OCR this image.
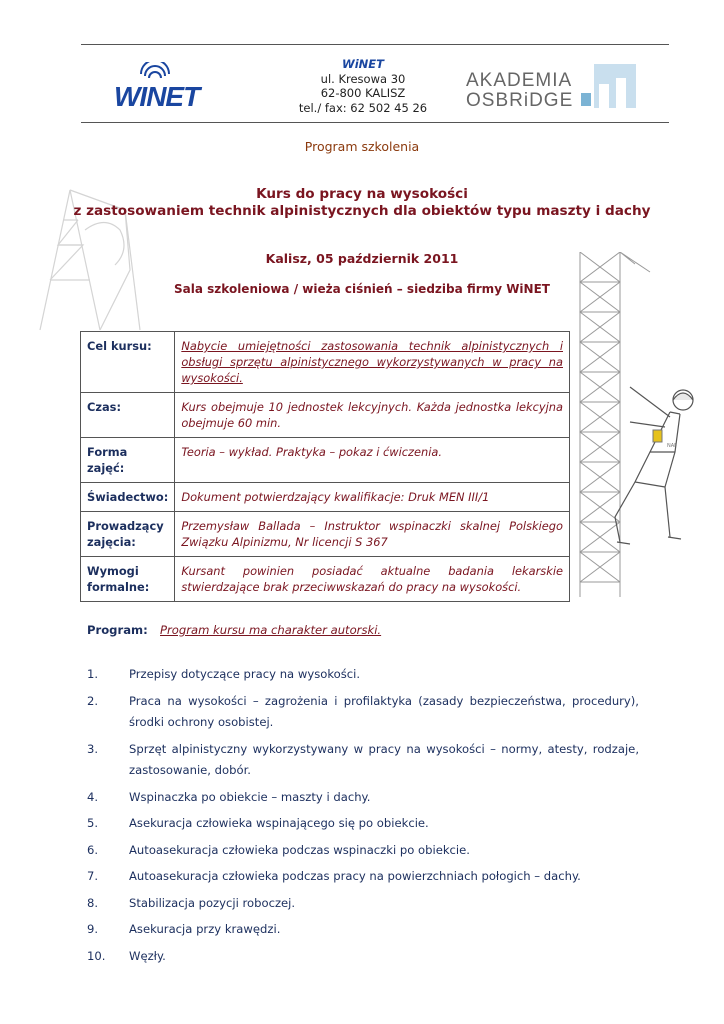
NAF
WINET
WiNET
ul. Kresowa 30
62-800 KALISZ
tel./ fax: 62 502 45 26
AKADEMIA
OSBRiDGE
Program szkolenia
Kurs do pracy na wysokości
z zastosowaniem technik alpinistycznych dla obiektów typu maszty i dachy
Kalisz, 05 październik 2011
Sala szkoleniowa / wieża ciśnień – siedziba firmy WiNET
Cel kursu:	Nabycie umiejętności zastosowania technik alpinistycznych i obsługi sprzętu alpinistycznego wykorzystywanych w pracy na wysokości.
Czas:	Kurs obejmuje 10 jednostek lekcyjnych. Każda jednostka lekcyjna obejmuje 60 min.
Forma zajęć:	Teoria – wykład. Praktyka – pokaz i ćwiczenia.
Świadectwo:	Dokument potwierdzający kwalifikacje: Druk MEN III/1
Prowadzący zajęcia:	Przemysław Ballada – Instruktor wspinaczki skalnej Polskiego Związku Alpinizmu, Nr licencji S 367
Wymogi formalne:	Kursant powinien posiadać aktualne badania lekarskie stwierdzające brak przeciwwskazań do pracy na wysokości.
Program: Program kursu ma charakter autorski.
1.	Przepisy dotyczące pracy na wysokości.
2.	Praca na wysokości – zagrożenia i profilaktyka (zasady bezpieczeństwa, procedury), środki ochrony osobistej.
3.	Sprzęt alpinistyczny wykorzystywany w pracy na wysokości – normy, atesty, rodzaje, zastosowanie, dobór.
4.	Wspinaczka po obiekcie – maszty i dachy.
5.	Asekuracja człowieka wspinającego się po obiekcie.
6.	Autoasekuracja człowieka podczas wspinaczki po obiekcie.
7.	Autoasekuracja człowieka podczas pracy na powierzchniach połogich – dachy.
8.	Stabilizacja pozycji roboczej.
9.	Asekuracja przy krawędzi.
10.	Węzły.
